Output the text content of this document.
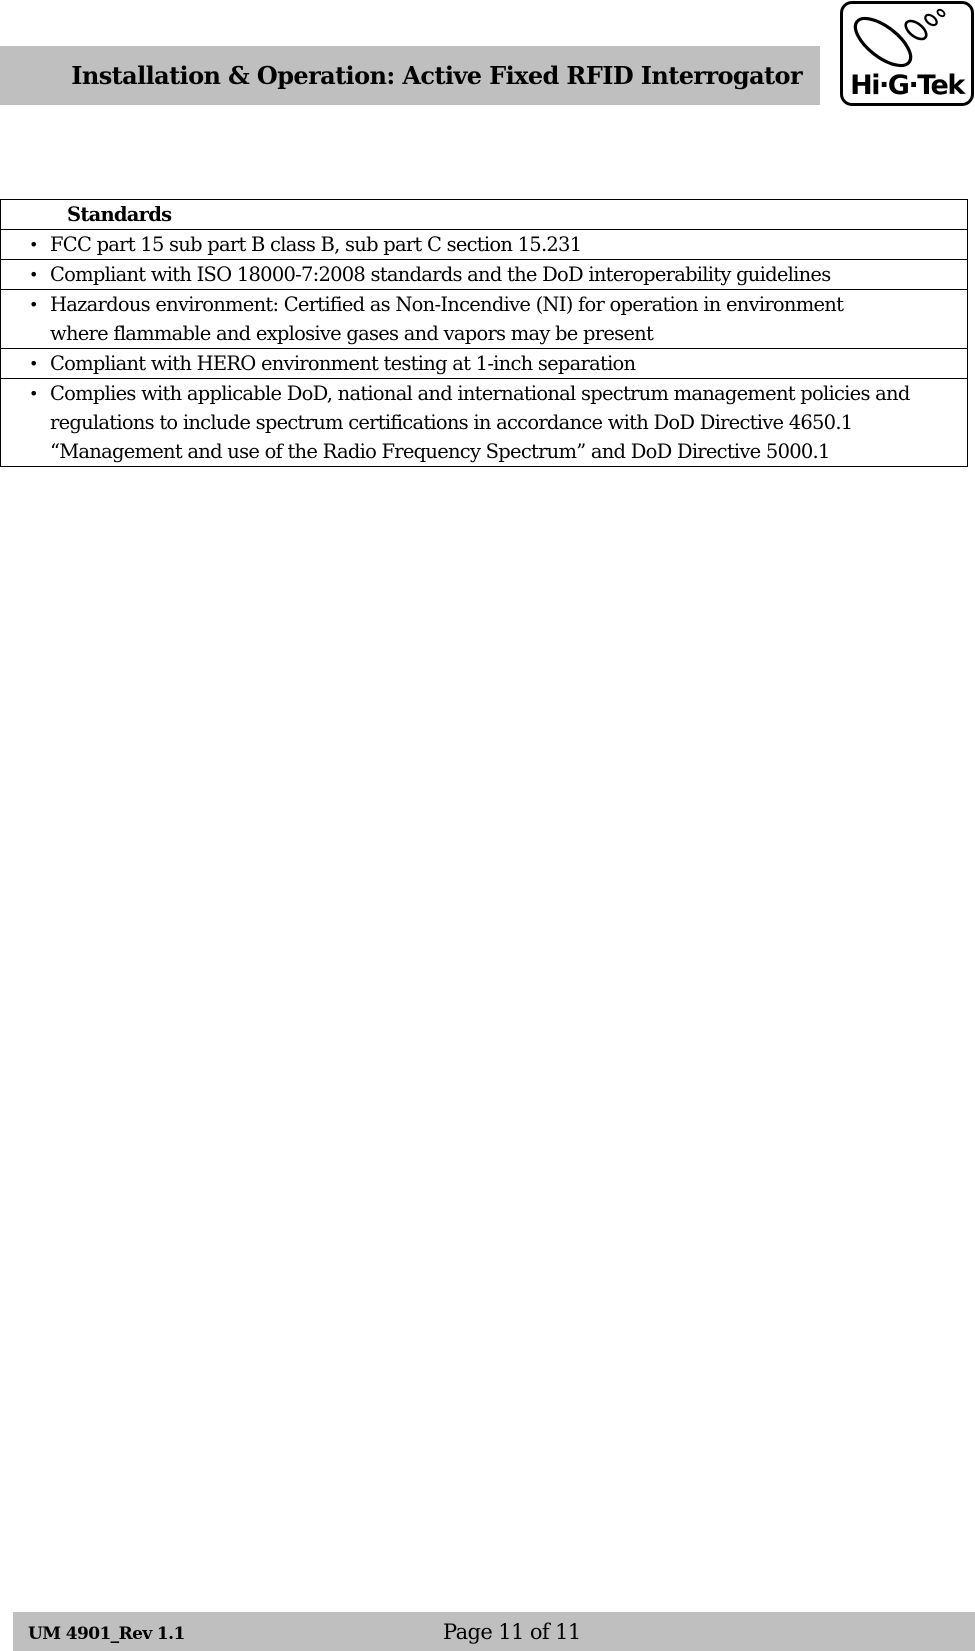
Installation & Operation: Active Fixed RFID Interrogator Hi·G·Tek
Standards

• FCC part 15 sub part B class B, sub part C section 15.231

• Compliant with ISO 18000-7:2008 standards and the DoD interoperability guidelines

• Hazardous environment: Certified as Non-Incendive (NI) for operation in environment where flammable and explosive gases and vapors may be present

• Compliant with HERO environment testing at 1-inch separation

• Complies with applicable DoD, national and international spectrum management policies and regulations to include spectrum certifications in accordance with DoD Directive 4650.1 “Management and use of the Radio Frequency Spectrum” and DoD Directive 5000.1
UM 4901_Rev 1.1	Page 11 of 11
